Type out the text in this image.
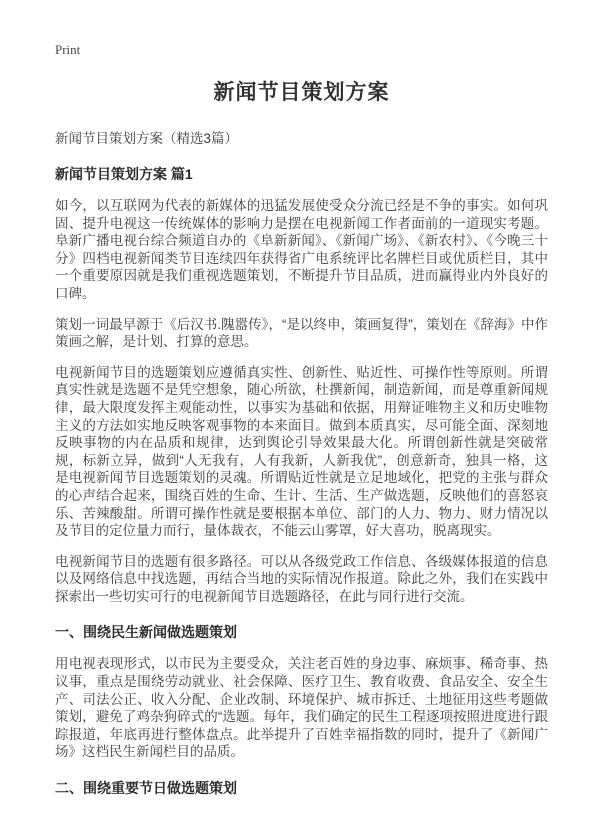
Print
新闻节目策划方案
新闻节目策划方案（精选3篇）
新闻节目策划方案 篇1

如今，以互联网为代表的新媒体的迅猛发展使受众分流已经是不争的事实。如何巩固、提升电视这一传统媒体的影响力是摆在电视新闻工作者面前的一道现实考题。阜新广播电视台综合频道自办的《阜新新闻》、《新闻广场》、《新农村》、《今晚三十分》四档电视新闻类节目连续四年获得省广电系统评比名牌栏目或优质栏目，其中一个重要原因就是我们重视选题策划，不断提升节目品质，进而赢得业内外良好的口碑。

策划一词最早源于《后汉书.隗嚣传》，“是以终申，策画复得”，策划在《辞海》中作策画之解，是计划、打算的意思。

电视新闻节目的选题策划应遵循真实性、创新性、贴近性、可操作性等原则。所谓真实性就是选题不是凭空想象，随心所欲，杜撰新闻，制造新闻，而是尊重新闻规律，最大限度发挥主观能动性，以事实为基础和依据，用辩证唯物主义和历史唯物主义的方法如实地反映客观事物的本来面目。做到本质真实，尽可能全面、深刻地反映事物的内在品质和规律，达到舆论引导效果最大化。所谓创新性就是突破常规，标新立异，做到“人无我有，人有我新，人新我优”，创意新奇，独具一格，这是电视新闻节目选题策划的灵魂。所谓贴近性就是立足地域化，把党的主张与群众的心声结合起来，围绕百姓的生命、生计、生活、生产做选题，反映他们的喜怒哀乐、苦辣酸甜。所谓可操作性就是要根据本单位、部门的人力、物力、财力情况以及节目的定位量力而行，量体裁衣，不能云山雾罩，好大喜功，脱离现实。

电视新闻节目的选题有很多路径。可以从各级党政工作信息、各级媒体报道的信息以及网络信息中找选题，再结合当地的实际情况作报道。除此之外，我们在实践中探索出一些切实可行的电视新闻节目选题路径，在此与同行进行交流。

一、围绕民生新闻做选题策划

用电视表现形式，以市民为主要受众，关注老百姓的身边事、麻烦事、稀奇事、热议事，重点是围绕劳动就业、社会保障、医疗卫生、教育收费、食品安全、安全生产、司法公正、收入分配、企业改制、环境保护、城市拆迁、土地征用这些考题做策划，避免了鸡杂狗碎式的“选题。每年，我们确定的民生工程逐项按照进度进行跟踪报道，年底再进行整体盘点。此举提升了百姓幸福指数的同时，提升了《新闻广场》这档民生新闻栏目的品质。

二、围绕重要节日做选题策划
